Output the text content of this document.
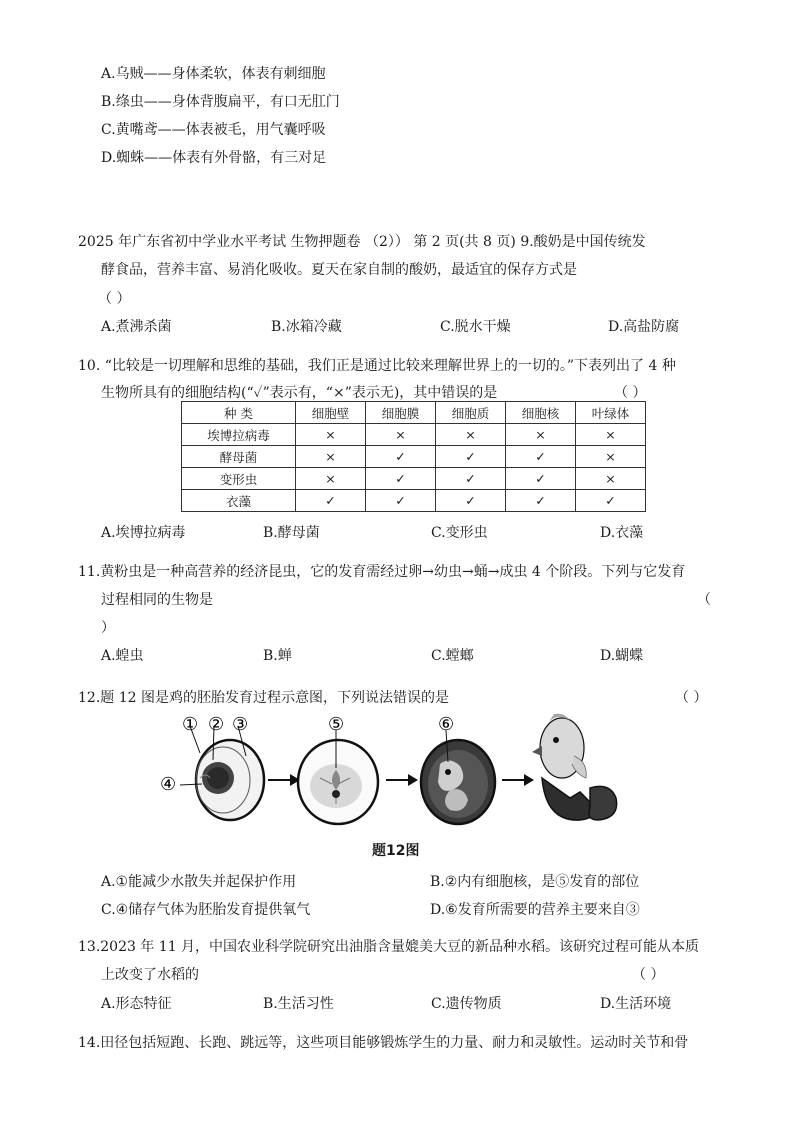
A.乌贼——身体柔软，体表有刺细胞
B.绦虫——身体背腹扁平，有口无肛门
C.黄嘴鸢——体表被毛，用气囊呼吸
D.蜘蛛——体表有外骨骼，有三对足
2025 年广东省初中学业水平考试 生物押题卷 （2）） 第 2 页(共 8 页) 9.酸奶是中国传统发
酵食品，营养丰富、易消化吸收。夏天在家自制的酸奶，最适宜的保存方式是
（ ）
A.煮沸杀菌	B.冰箱冷藏	C.脱水干燥	D.高盐防腐
10. “比较是一切理解和思维的基础，我们正是通过比较来理解世界上的一切的。”下表列出了 4 种
生物所具有的细胞结构(“✓”表示有，“×”表示无)，其中错误的是	（ ）
种 类	细胞壁	细胞膜	细胞质	细胞核	叶绿体
埃博拉病毒	×	×	×	×	×
酵母菌	×	✓	✓	✓	×
变形虫	×	✓	✓	✓	×
衣藻	✓	✓	✓	✓	✓
A.埃博拉病毒	B.酵母菌	C.变形虫	D.衣藻
11.黄粉虫是一种高营养的经济昆虫，它的发育需经过卵→幼虫→蛹→成虫 4 个阶段。下列与它发育
过程相同的生物是	（
）
A.蝗虫	B.蝉	C.螳螂	D.蝴蝶
12.题 12 图是鸡的胚胎发育过程示意图，下列说法错误的是	（ ）
① ② ③
④
⑤	⑥
题12图
A.①能减少水散失并起保护作用	B.②内有细胞核，是⑤发育的部位
C.④储存气体为胚胎发育提供氧气	D.⑥发育所需要的营养主要来自③
13.2023 年 11 月，中国农业科学院研究出油脂含量媲美大豆的新品种水稻。该研究过程可能从本质
上改变了水稻的	（ ）
A.形态特征	B.生活习性	C.遗传物质	D.生活环境
14.田径包括短跑、长跑、跳远等，这些项目能够锻炼学生的力量、耐力和灵敏性。运动时关节和骨
